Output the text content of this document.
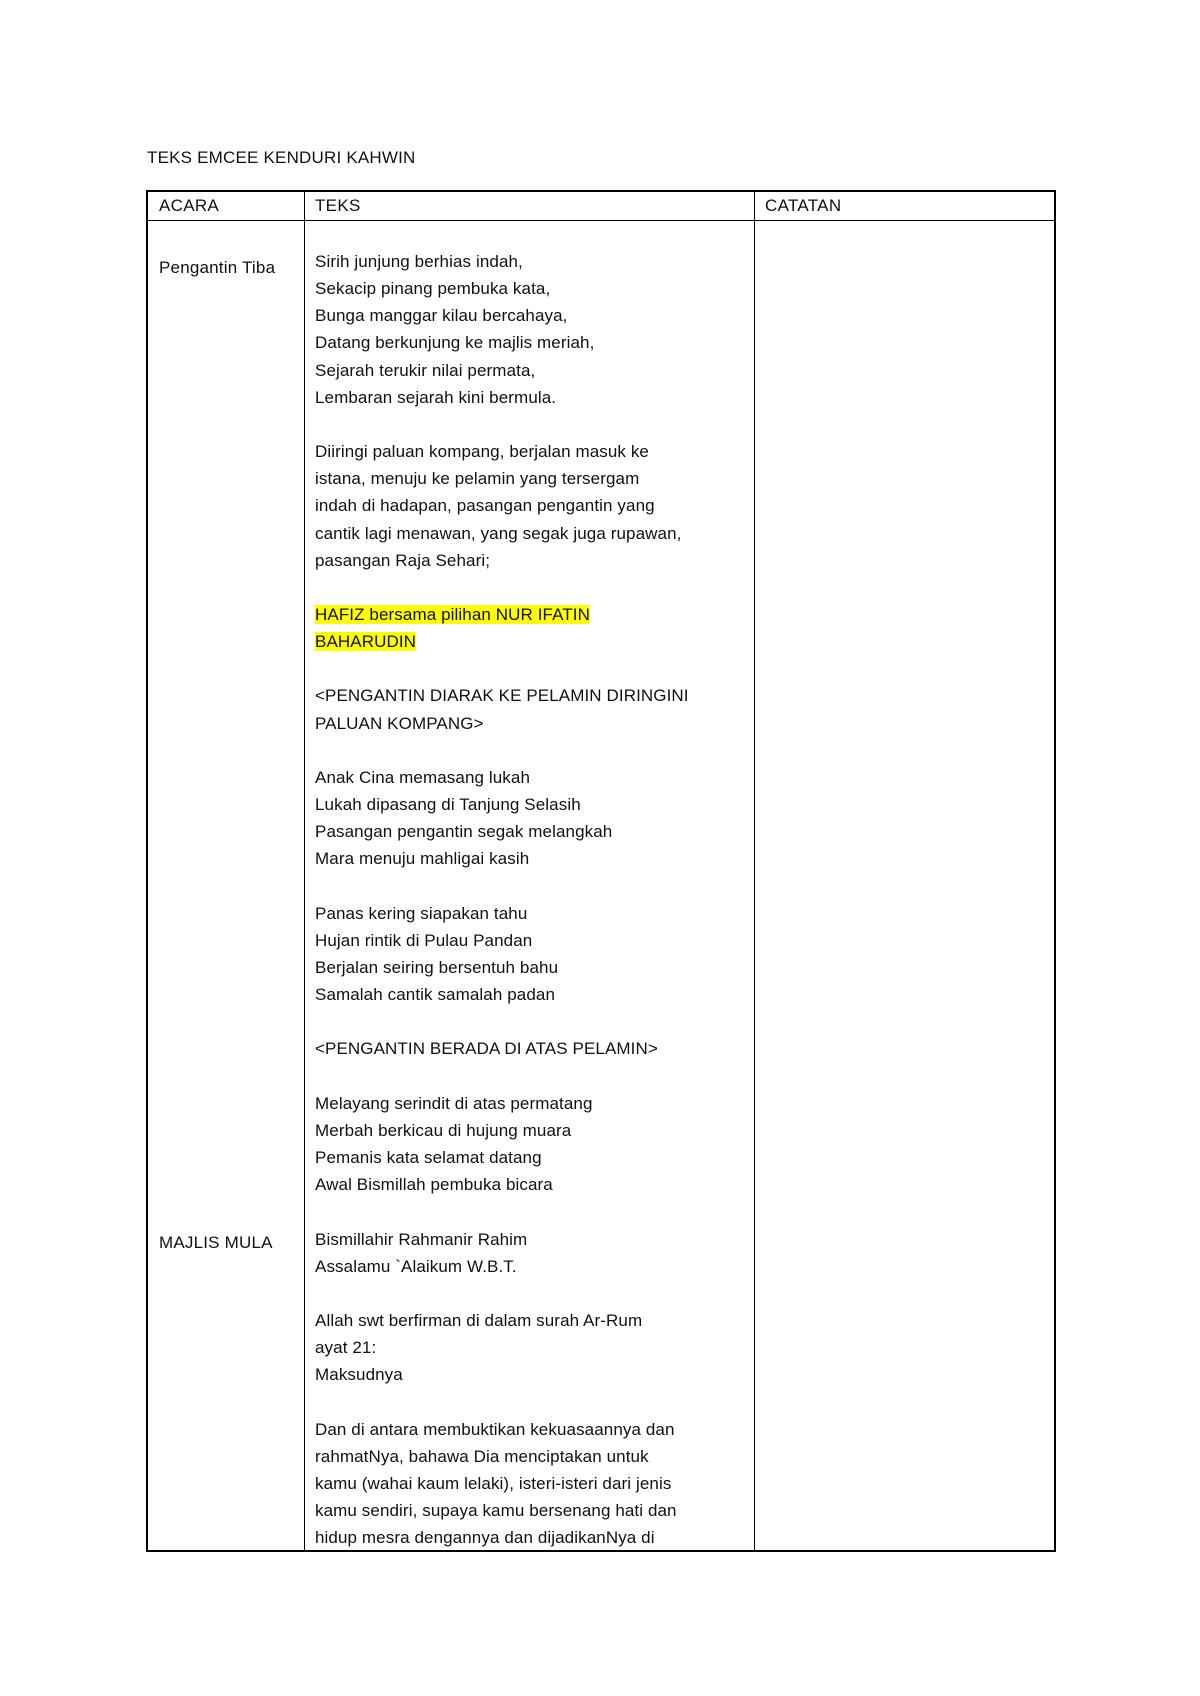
TEKS EMCEE KENDURI KAHWIN
ACARA	TEKS	CATATAN
Pengantin Tiba
MAJLIS MULA
Sirih junjung berhias indah,
Sekacip pinang pembuka kata,
Bunga manggar kilau bercahaya,
Datang berkunjung ke majlis meriah,
Sejarah terukir nilai permata,
Lembaran sejarah kini bermula.
Diiringi paluan kompang, berjalan masuk ke
istana, menuju ke pelamin yang tersergam
indah di hadapan, pasangan pengantin yang
cantik lagi menawan, yang segak juga rupawan,
pasangan Raja Sehari;
HAFIZ bersama pilihan NUR IFATIN
BAHARUDIN
<PENGANTIN DIARAK KE PELAMIN DIRINGINI
PALUAN KOMPANG>
Anak Cina memasang lukah
Lukah dipasang di Tanjung Selasih
Pasangan pengantin segak melangkah
Mara menuju mahligai kasih
Panas kering siapakan tahu
Hujan rintik di Pulau Pandan
Berjalan seiring bersentuh bahu
Samalah cantik samalah padan
<PENGANTIN BERADA DI ATAS PELAMIN>
Melayang serindit di atas permatang
Merbah berkicau di hujung muara
Pemanis kata selamat datang
Awal Bismillah pembuka bicara
Bismillahir Rahmanir Rahim
Assalamu `Alaikum W.B.T.
Allah swt berfirman di dalam surah Ar-Rum
ayat 21:
Maksudnya
Dan di antara membuktikan kekuasaannya dan
rahmatNya, bahawa Dia menciptakan untuk
kamu (wahai kaum lelaki), isteri-isteri dari jenis
kamu sendiri, supaya kamu bersenang hati dan
hidup mesra dengannya dan dijadikanNya di
